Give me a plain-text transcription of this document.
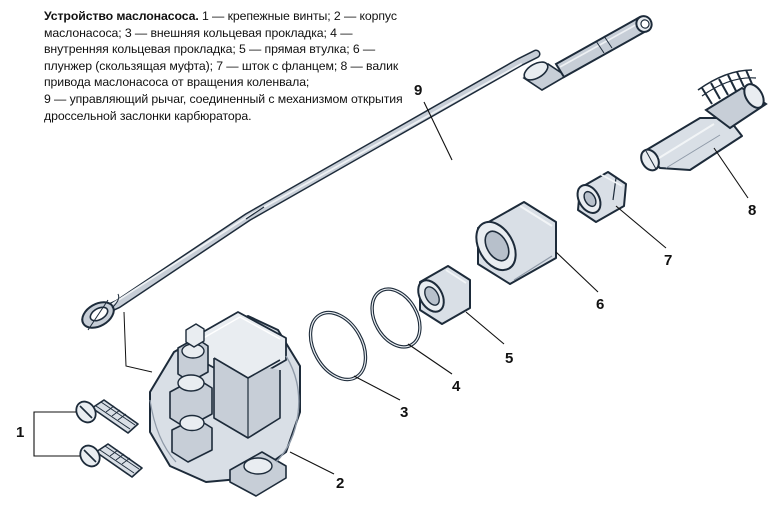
Устройство маслонасоса. 1 — крепежные винты; 2 — корпус маслонасоса; 3 — внешняя кольцевая прокладка; 4 — внутренняя кольцевая прокладка; 5 — прямая втулка; 6 — плунжер (скользящая муфта); 7 — шток с фланцем; 8 — валик привода маслонасоса от вращения коленвала;
9 — управляющий рычаг, соединенный с механизмом открытия дроссельной заслонки карбюратора.
1
2
3
4
5
6
7
8
9
